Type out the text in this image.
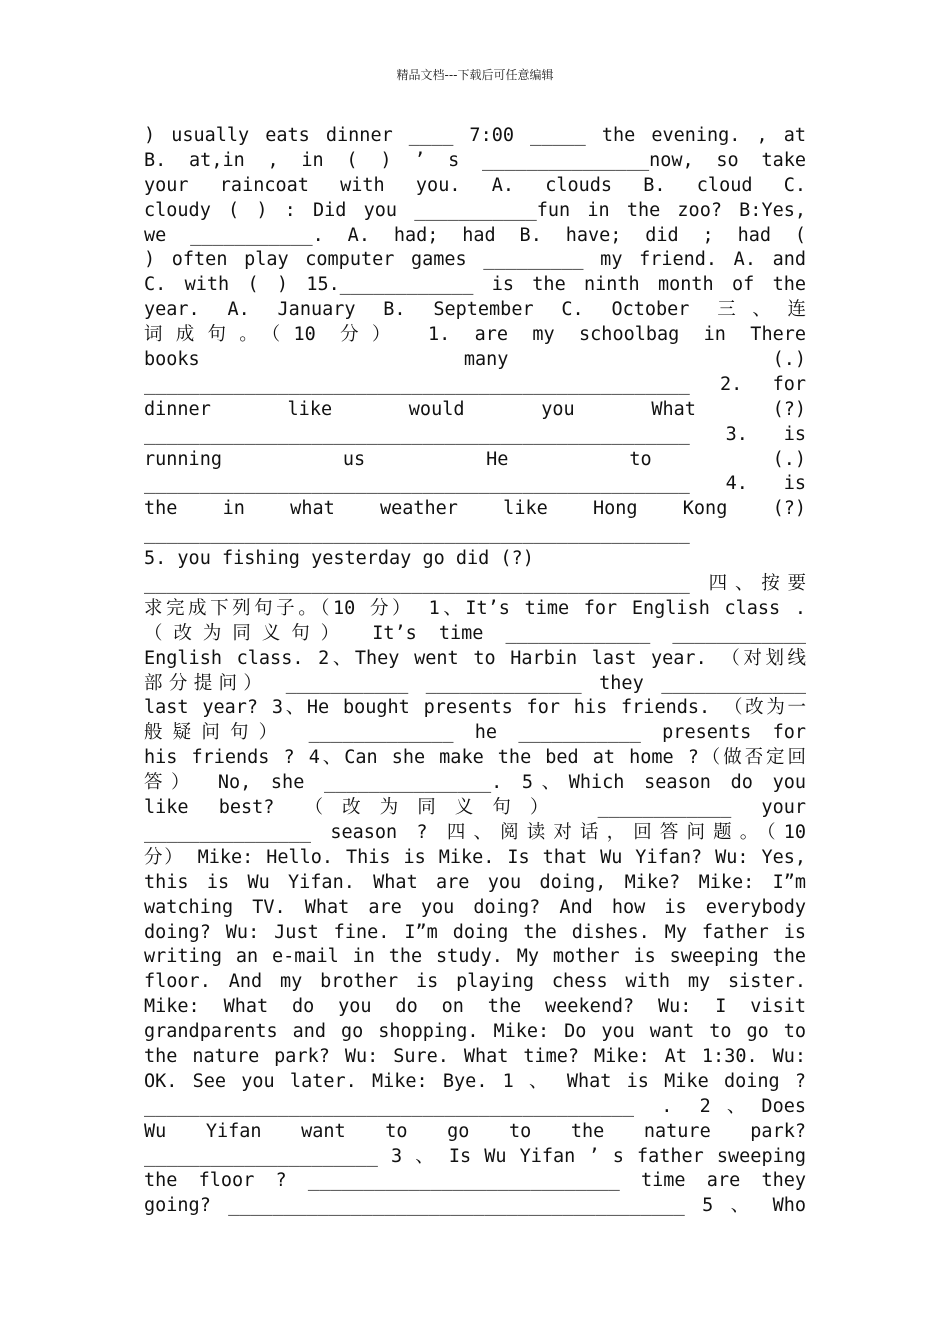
精品文档---下载后可任意编辑
) usually eats dinner ____ 7:00 _____ the evening. , at
B. at,in , in ( ) ’ s _______________now, so take
your raincoat with you. A. clouds B. cloud C.
cloudy ( ) : Did you ___________fun in the zoo? B:Yes,
we ___________. A. had; had B. have; did ; had (
) often play computer games _________ my friend. A. and
C. with ( ) 15.____________ is the ninth month of the
year. A. January B. September C. October 三、连
词成句。（10 分） 1. are my schoolbag in There
books many (.)
_________________________________________________ 2. for
dinner like would you What (?)
_________________________________________________ 3. is
running us He to (.)
_________________________________________________ 4. is
the in what weather like Hong Kong (?)
_________________________________________________
5. you fishing yesterday go did (?)
_________________________________________________ 四、按要
求完成下列句子。（10 分） 1、It’s time for English class .
（改为同义句） It’s time _____________ ____________
English class. 2、They went to Harbin last year. （对划线
部分提问） ___________ ______________ they _____________
last year? 3、He bought presents for his friends. （改为一
般疑问句） _____________ he ___________ presents for
his friends ? 4、Can she make the bed at home ?（做否定回
答） No, she _______________. 5、Which season do you
like best? （改为同义句） ____________ your
_______________ season ? 四、阅读对话，回答问题。（10
分） Mike: Hello. This is Mike. Is that Wu Yifan? Wu: Yes,
this is Wu Yifan. What are you doing, Mike? Mike: I”m
watching TV. What are you doing? And how is everybody
doing? Wu: Just fine. I”m doing the dishes. My father is
writing an e-mail in the study. My mother is sweeping the
floor. And my brother is playing chess with my sister.
Mike: What do you do on the weekend? Wu: I visit
grandparents and go shopping. Mike: Do you want to go to
the nature park? Wu: Sure. What time? Mike: At 1:30. Wu:
OK. See you later. Mike: Bye. 1 、 What is Mike doing ?
____________________________________________ . 2、Does
Wu Yifan want to go to the nature park?
_____________________ 3 、 Is Wu Yifan ’ s father sweeping
the floor ? ____________________________ time are they
going? _________________________________________ 5 、 Who
